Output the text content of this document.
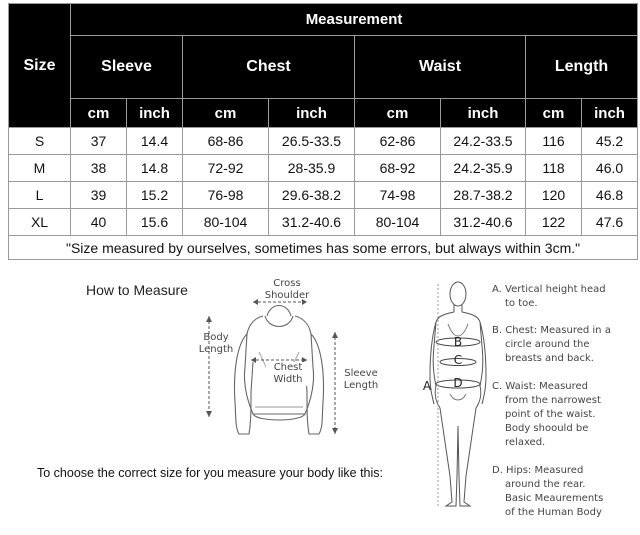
Size	Measurement							
	Sleeve		Chest		Waist		Length	
	cm	inch	cm	inch	cm	inch	cm	inch
S	37	14.4	68-86	26.5-33.5	62-86	24.2-33.5	116	45.2
M	38	14.8	72-92	28-35.9	68-92	24.2-35.9	118	46.0
L	39	15.2	76-98	29.6-38.2	74-98	28.7-38.2	120	46.8
XL	40	15.6	80-104	31.2-40.6	80-104	31.2-40.6	122	47.6
"Size measured by ourselves, sometimes has some errors, but always within 3cm."								
How to Measure
To choose the correct size for you measure your body like this:
Cross
Shoulder
Body
Length
Chest
Width
Sleeve
Length	A
B
C
D
A. Vertical height head
to toe.
B. Chest: Measured in a
circle around the
breasts and back.
C. Waist: Measured
from the narrowest
point of the waist.
Body shoould be
relaxed.
D. Hips: Measured
around the rear.
Basic Meaurements
of the Human Body
